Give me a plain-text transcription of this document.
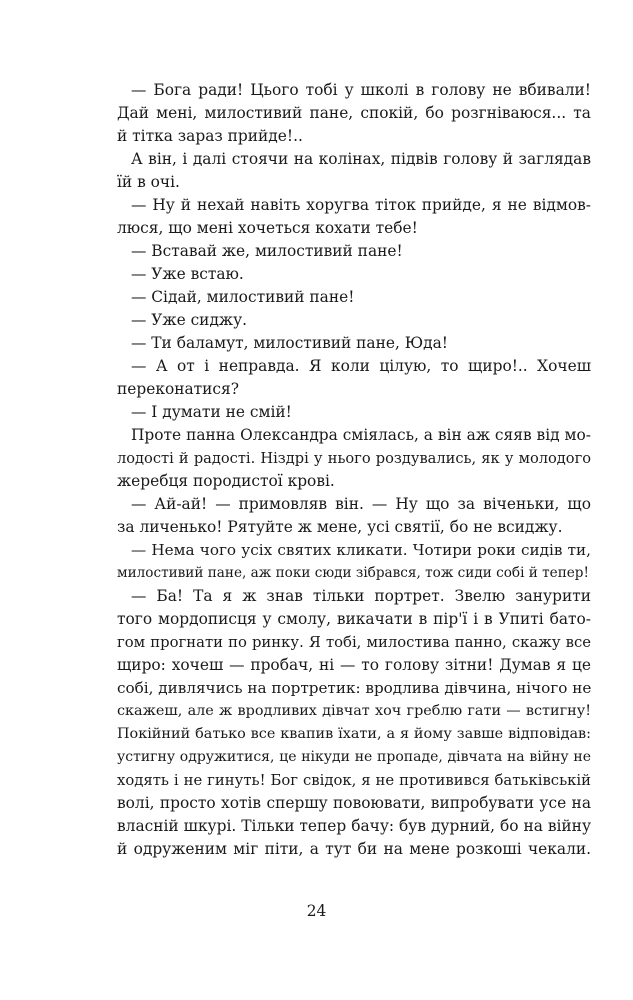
— Бога ради! Цього тобі у школі в голову не вбивали!
Дай мені, милостивий пане, спокій, бо розгніваюся... та
й тітка зараз прийде!..
А він, і далі стоячи на колінах, підвів голову й заглядав
їй в очі.
— Ну й нехай навіть хоругва тіток прийде, я не відмов-
люся, що мені хочеться кохати тебе!
— Вставай же, милостивий пане!
— Уже встаю.
— Сідай, милостивий пане!
— Уже сиджу.
— Ти баламут, милостивий пане, Юда!
— А от і неправда. Я коли цілую, то щиро!.. Хочеш
переконатися?
— І думати не смій!
Проте панна Олександра сміялась, а він аж сяяв від мо-
лодості й радості. Ніздрі у нього роздувались, як у молодого
жеребця породистої крові.
— Ай-ай! — примовляв він. — Ну що за віченьки, що
за личенько! Рятуйте ж мене, усі святії, бо не всиджу.
— Нема чого усіх святих кликати. Чотири роки сидів ти,
милостивий пане, аж поки сюди зібрався, тож сиди собі й тепер!
— Ба! Та я ж знав тільки портрет. Звелю занурити
того мордописця у смолу, викачати в пір'ї і в Упиті бато-
гом прогнати по ринку. Я тобі, милостива панно, скажу все
щиро: хочеш — пробач, ні — то голову зітни! Думав я це
собі, дивлячись на портретик: вродлива дівчина, нічого не
скажеш, але ж вродливих дівчат хоч греблю гати — встигну!
Покійний батько все квапив їхати, а я йому завше відповідав:
устигну одружитися, це нікуди не пропаде, дівчата на війну не
ходять і не гинуть! Бог свідок, я не противився батьківській
волі, просто хотів спершу повоювати, випробувати усе на
власній шкурі. Тільки тепер бачу: був дурний, бо на війну
й одруженим міг піти, а тут би на мене розкоші чекали.
24
